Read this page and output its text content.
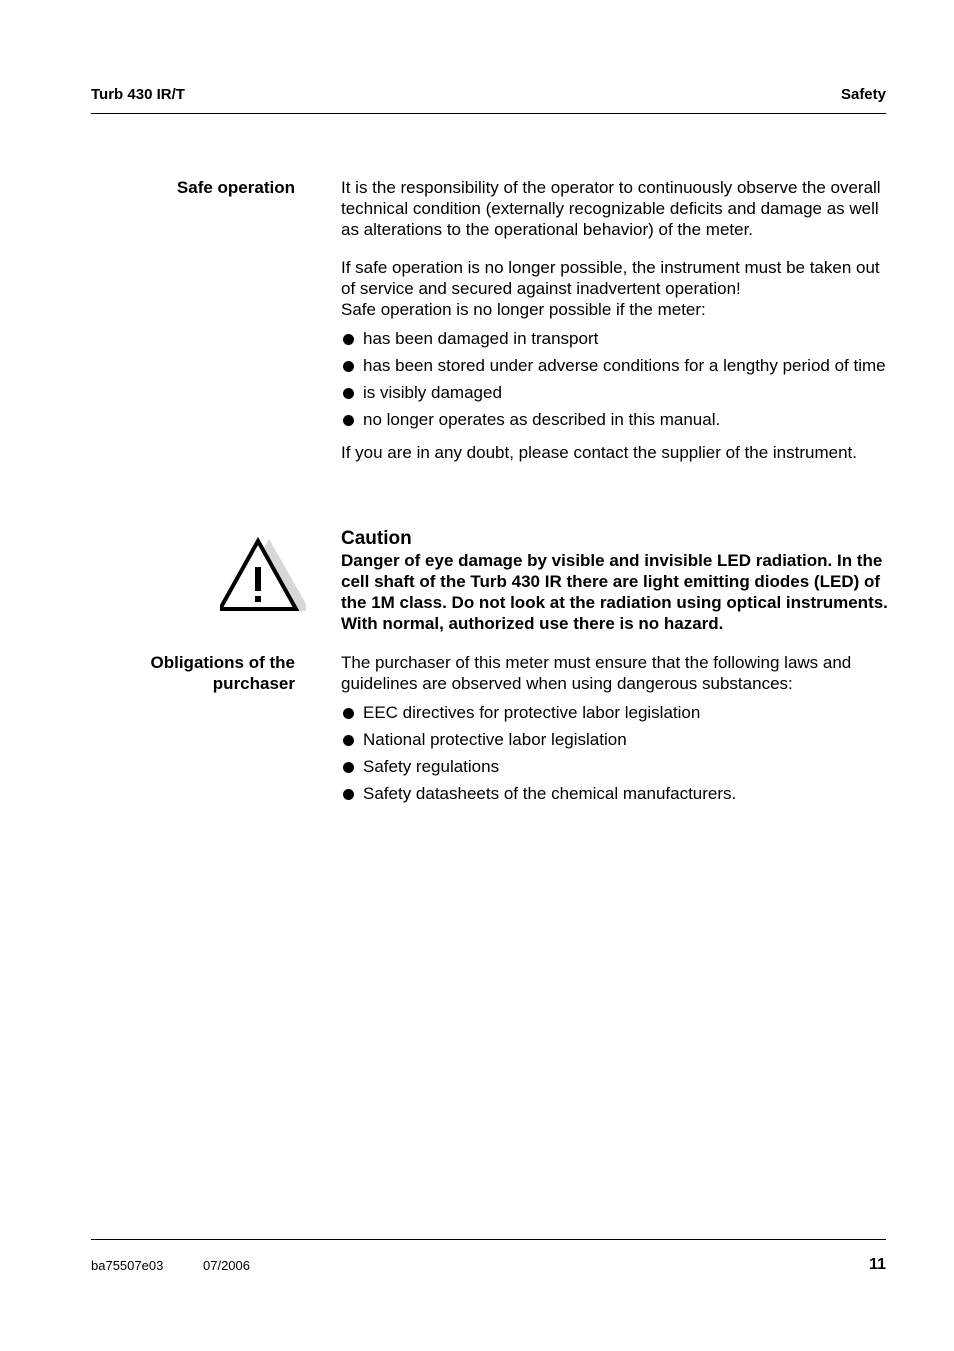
Turb 430 IR/T	Safety
Safe operation	It is the responsibility of the operator to continuously observe the overall technical condition (externally recognizable deficits and damage as well as alterations to the operational behavior) of the meter.

If safe operation is no longer possible, the instrument must be taken out of service and secured against inadvertent operation!

Safe operation is no longer possible if the meter:

has been damaged in transport
has been stored under adverse conditions for a lengthy period of time
is visibly damaged
no longer operates as described in this manual.

If you are in any doubt, please contact the supplier of the instrument.

Caution

Danger of eye damage by visible and invisible LED radiation. In the cell shaft of the Turb 430 IR there are light emitting diodes (LED) of the 1M class. Do not look at the radiation using optical instruments. With normal, authorized use there is no hazard.

Obligations of the
purchaser

The purchaser of this meter must ensure that the following laws and guidelines are observed when using dangerous substances:

EEC directives for protective labor legislation
National protective labor legislation
Safety regulations
Safety datasheets of the chemical manufacturers.
ba75507e03	07/2006	11
